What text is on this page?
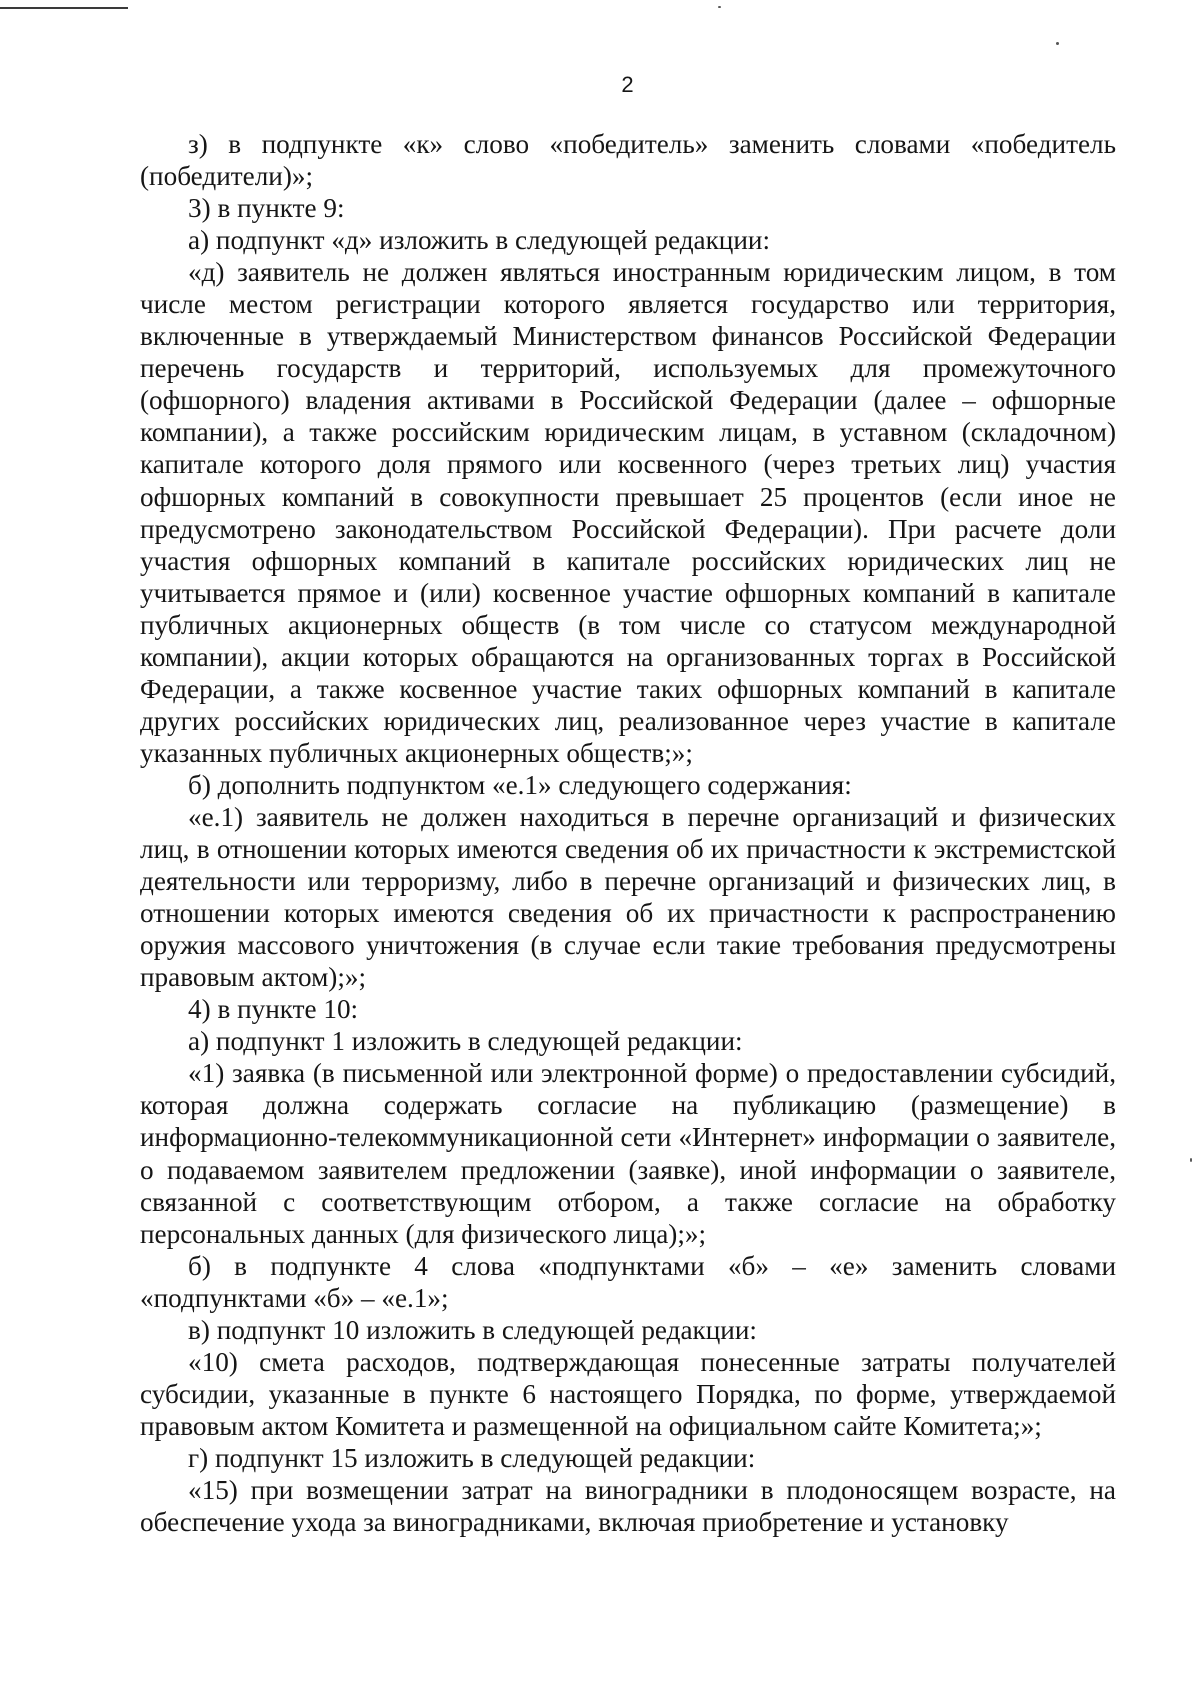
2

з) в подпункте «к» слово «победитель» заменить словами «победитель (победители)»;

3) в пункте 9:

а) подпункт «д» изложить в следующей редакции:

«д) заявитель не должен являться иностранным юридическим лицом, в том числе местом регистрации которого является государство или территория, включенные в утверждаемый Министерством финансов Российской Федерации перечень государств и территорий, используемых для промежуточного (офшорного) владения активами в Российской Федерации (далее – офшорные компании), а также российским юридическим лицам, в уставном (складочном) капитале которого доля прямого или косвенного (через третьих лиц) участия офшорных компаний в совокупности превышает 25 процентов (если иное не предусмотрено законодательством Российской Федерации). При расчете доли участия офшорных компаний в капитале российских юридических лиц не учитывается прямое и (или) косвенное участие офшорных компаний в капитале публичных акционерных обществ (в том числе со статусом международной компании), акции которых обращаются на организованных торгах в Российской Федерации, а также косвенное участие таких офшорных компаний в капитале других российских юридических лиц, реализованное через участие в капитале указанных публичных акционерных обществ;»;

б) дополнить подпунктом «е.1» следующего содержания:

«е.1) заявитель не должен находиться в перечне организаций и физических лиц, в отношении которых имеются сведения об их причастности к экстремистской деятельности или терроризму, либо в перечне организаций и физических лиц, в отношении которых имеются сведения об их причастности к распространению оружия массового уничтожения (в случае если такие требования предусмотрены правовым актом);»;

4) в пункте 10:

а) подпункт 1 изложить в следующей редакции:

«1) заявка (в письменной или электронной форме) о предоставлении субсидий, которая должна содержать согласие на публикацию (размещение) в информационно-телекоммуникационной сети «Интернет» информации о заявителе, о подаваемом заявителем предложении (заявке), иной информации о заявителе, связанной с соответствующим отбором, а также согласие на обработку персональных данных (для физического лица);»;

б) в подпункте 4 слова «подпунктами «б» – «е» заменить словами «подпунктами «б» – «е.1»;

в) подпункт 10 изложить в следующей редакции:

«10) смета расходов, подтверждающая понесенные затраты получателей субсидии, указанные в пункте 6 настоящего Порядка, по форме, утверждаемой правовым актом Комитета и размещенной на официальном сайте Комитета;»;

г) подпункт 15 изложить в следующей редакции:

«15) при возмещении затрат на виноградники в плодоносящем возрасте, на обеспечение ухода за виноградниками, включая приобретение и установку
